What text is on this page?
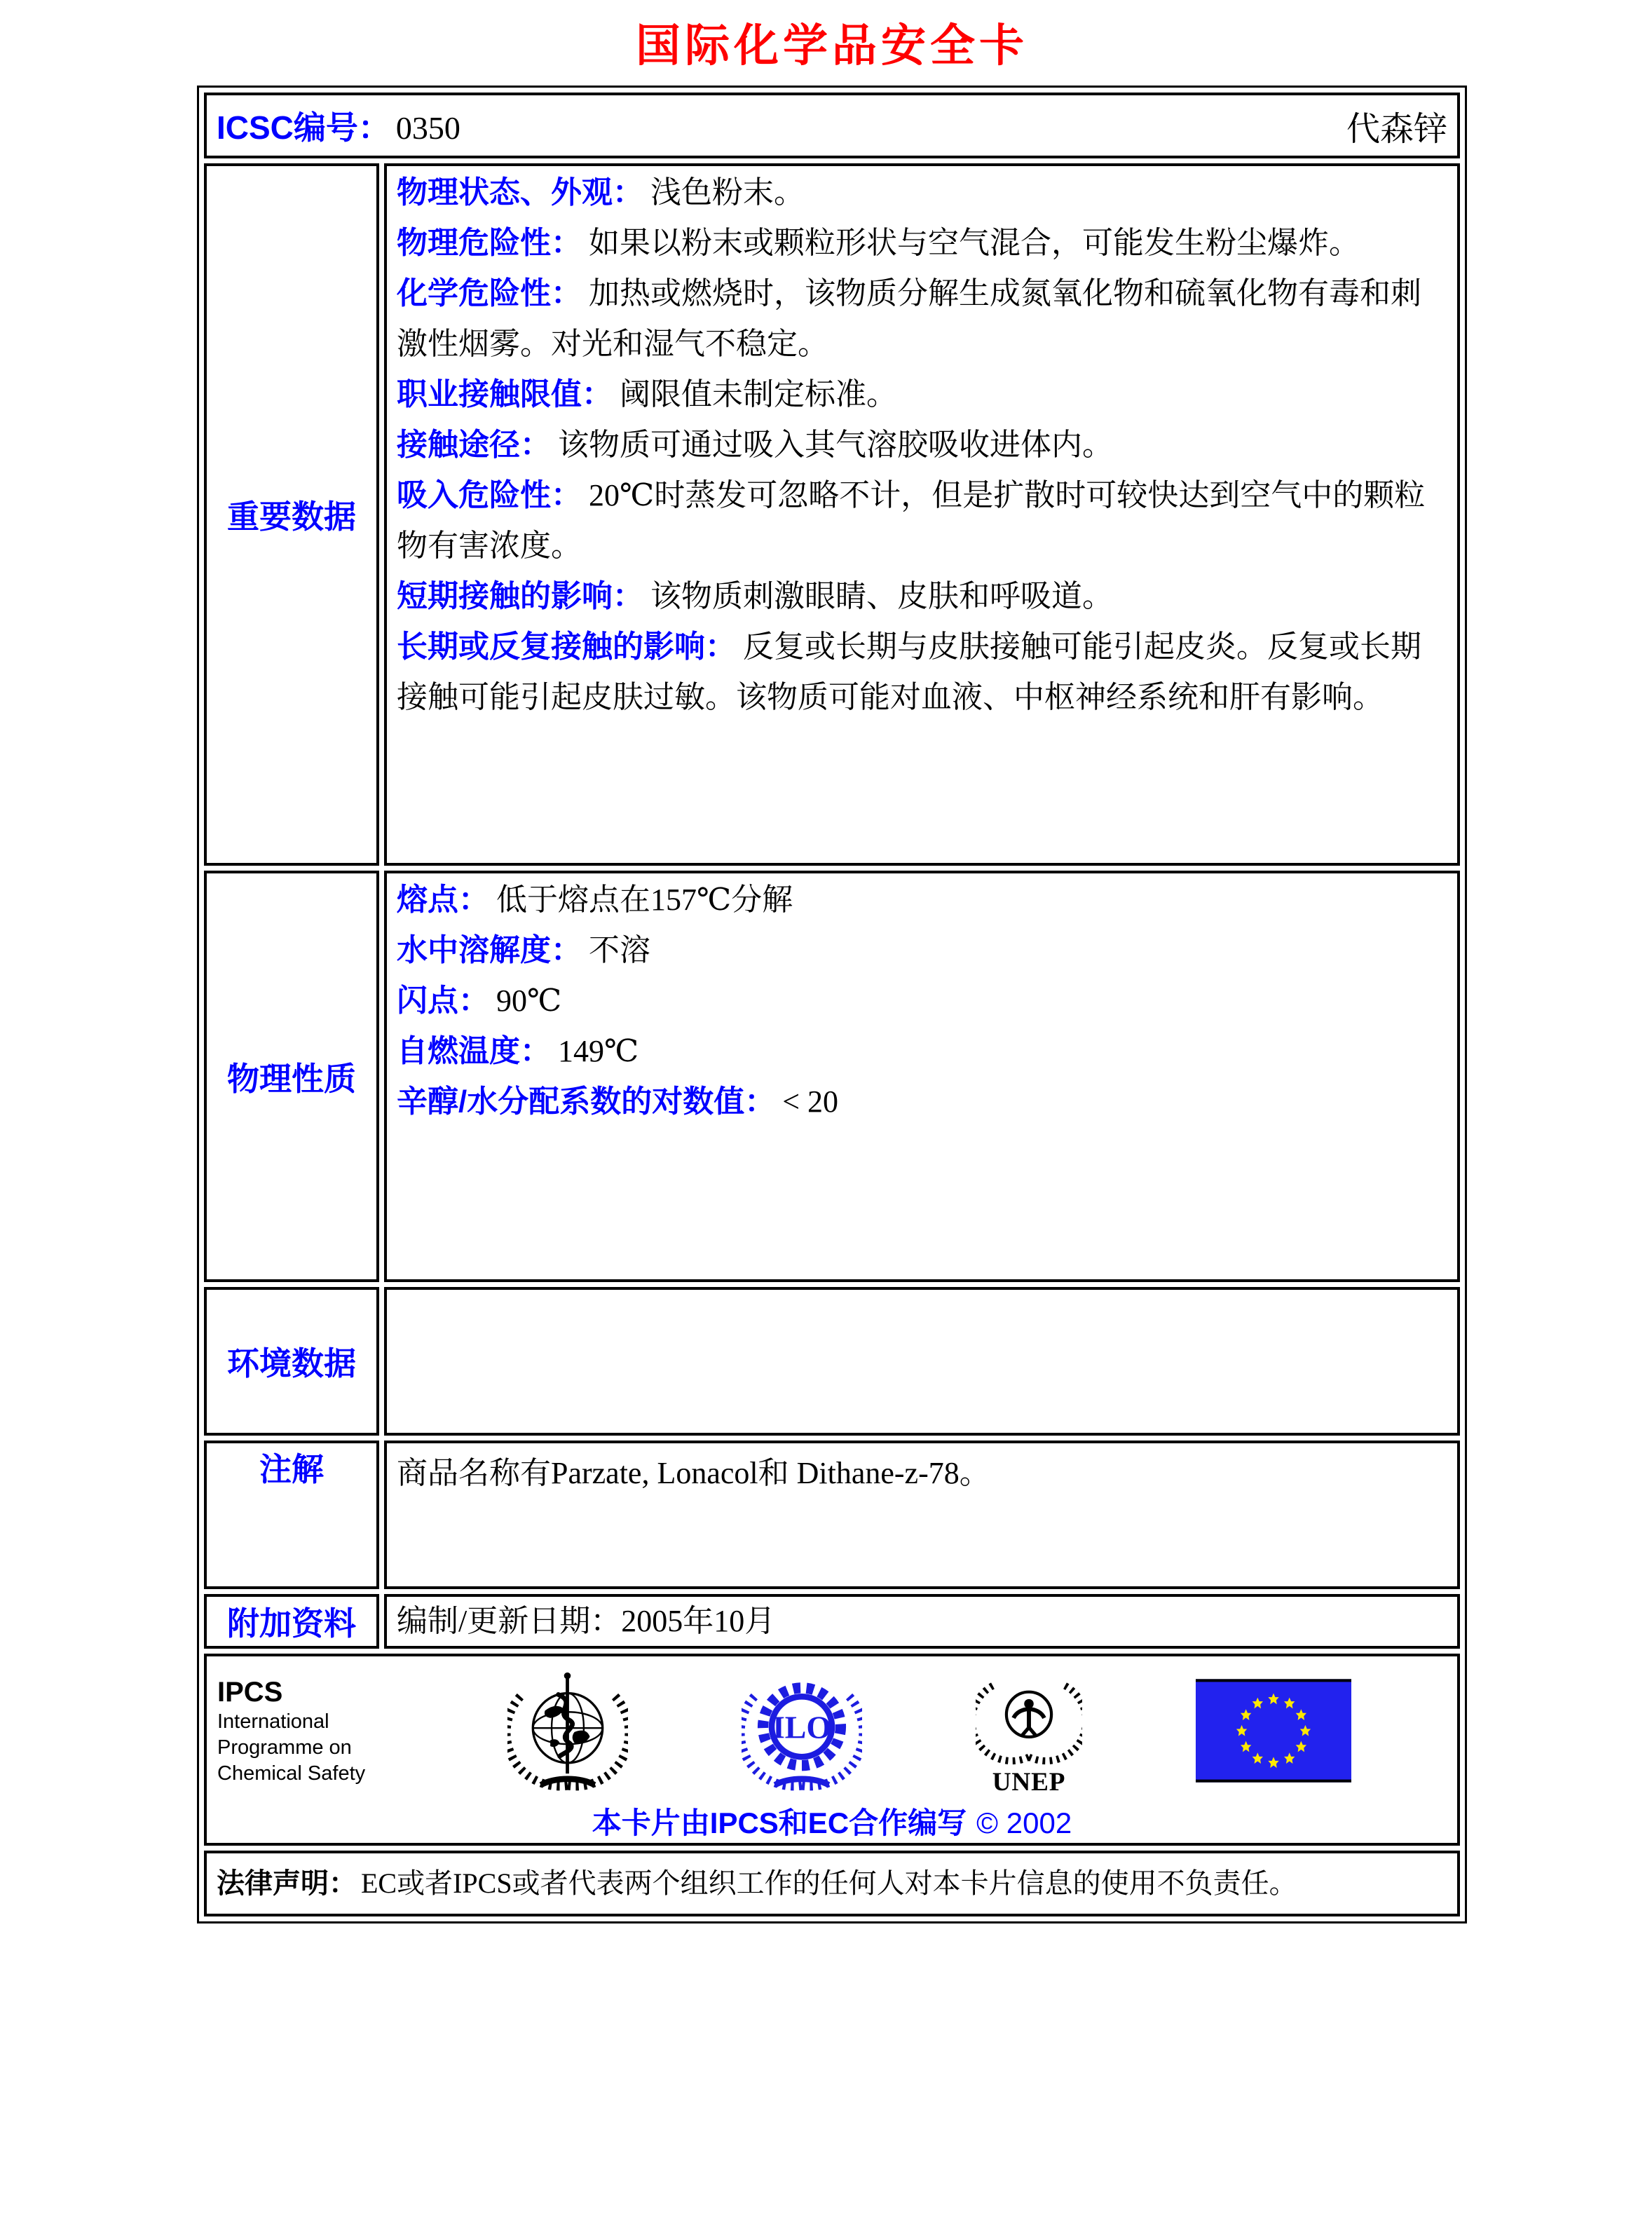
国际化学品安全卡
ICSC编号： 0350 代森锌	

重要数据	
物理状态、外观： 浅色粉末。
物理危险性： 如果以粉末或颗粒形状与空气混合，可能发生粉尘爆炸。
化学危险性： 加热或燃烧时，该物质分解生成氮氧化物和硫氧化物有毒和刺激性烟雾。对光和湿气不稳定。
职业接触限值： 阈限值未制定标准。
接触途径： 该物质可通过吸入其气溶胶吸收进体内。
吸入危险性： 20℃时蒸发可忽略不计，但是扩散时可较快达到空气中的颗粒物有害浓度。
短期接触的影响： 该物质刺激眼睛、皮肤和呼吸道。
长期或反复接触的影响： 反复或长期与皮肤接触可能引起皮炎。反复或长期接触可能引起皮肤过敏。该物质可能对血液、中枢神经系统和肝有影响。

物理性质	熔点： 低于熔点在157℃分解
水中溶解度： 不溶
闪点： 90℃
自燃温度： 149℃
辛醇/水分配系数的对数值： < 20

环境数据	

注解	商品名称有Parzate, Lonacol和 Dithane-z-78。

附加资料	编制/更新日期：2005年10月

IPCS
International
Programme on
Chemical Safety
ILO
UNEP
本卡片由IPCS和EC合作编写 © 2002

法律声明： EC或者IPCS或者代表两个组织工作的任何人对本卡片信息的使用不负责任。	
